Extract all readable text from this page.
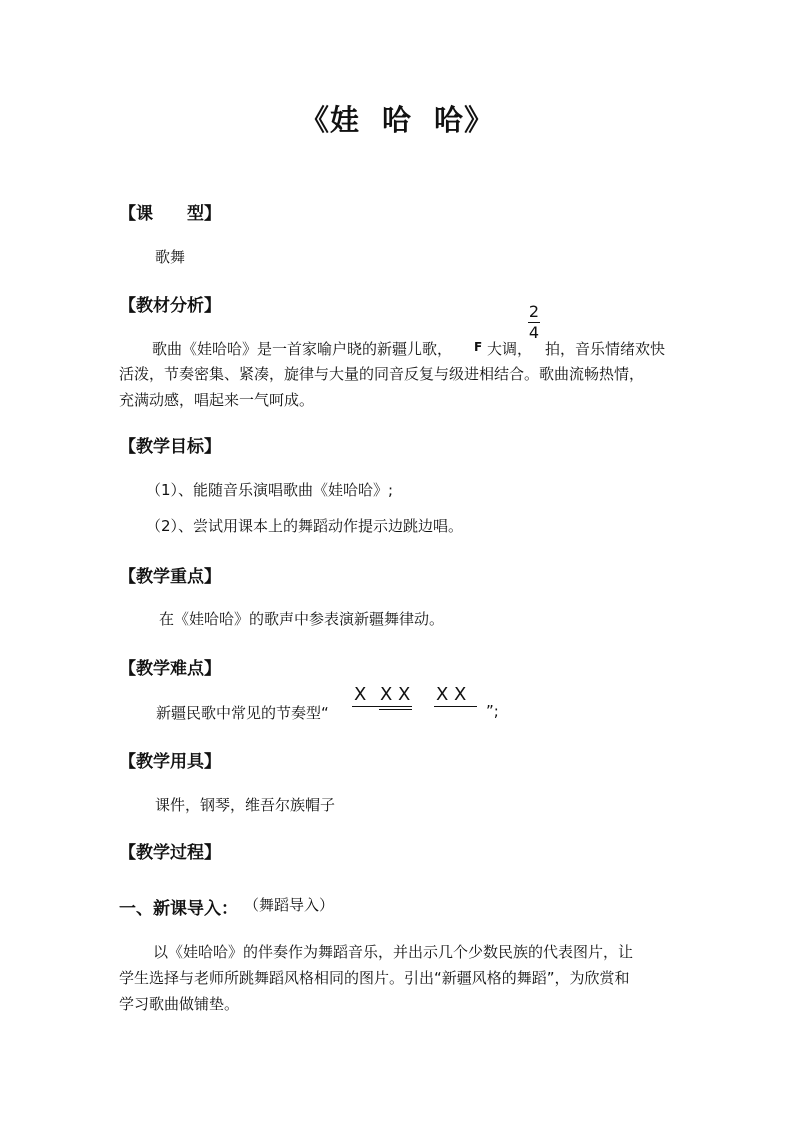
《娃 哈 哈》
【课　　型】
歌舞
【教材分析】
歌曲《娃哈哈》是一首家喻户晓的新疆儿歌， F 大调，
2
4
拍，音乐情绪欢快
活泼，节奏密集、紧凑，旋律与大量的同音反复与级进相结合。歌曲流畅热情，
充满动感，唱起来一气呵成。
【教学目标】
（1）、能随音乐演唱歌曲《娃哈哈》;
（2）、尝试用课本上的舞蹈动作提示边跳边唱。
【教学重点】
在《娃哈哈》的歌声中参表演新疆舞律动。
【教学难点】
新疆民歌中常见的节奏型“
X X X X X
”;
【教学用具】
课件，钢琴，维吾尔族帽子
【教学过程】
一、新课导入： （舞蹈导入）
以《娃哈哈》的伴奏作为舞蹈音乐，并出示几个少数民族的代表图片，让
学生选择与老师所跳舞蹈风格相同的图片。引出“新疆风格的舞蹈”，为欣赏和
学习歌曲做铺垫。
